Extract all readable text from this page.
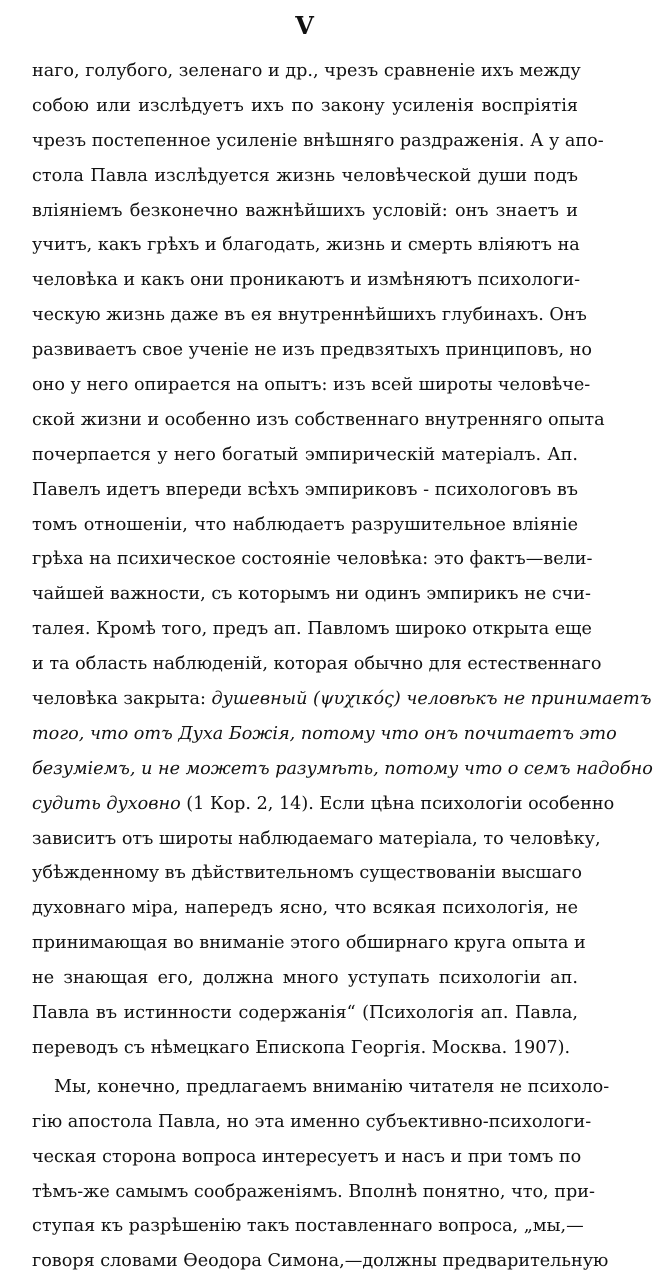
V
наго, голубого, зеленаго и др., чрезъ сравненіе ихъ между
собою или изслѣдуетъ ихъ по закону усиленія воспріятія
чрезъ постепенное усиленіе внѣшняго раздраженія. А у апо-
стола Павла изслѣдуется жизнь человѣческой души подъ
вліяніемъ безконечно важнѣйшихъ условій: онъ знаетъ и
учитъ, какъ грѣхъ и благодать, жизнь и смерть вліяютъ на
человѣка и какъ они проникаютъ и измѣняютъ психологи-
ческую жизнь даже въ ея внутреннѣйшихъ глубинахъ. Онъ
развиваетъ свое ученіе не изъ предвзятыхъ принциповъ, но
оно у него опирается на опытъ: изъ всей широты человѣче-
ской жизни и особенно изъ собственнаго внутренняго опыта
почерпается у него богатый эмпирическій матеріалъ. Ап.
Павелъ идетъ впереди всѣхъ эмпириковъ - психологовъ въ
томъ отношеніи, что наблюдаетъ разрушительное вліяніе
грѣха на психическое состояніе человѣка: это фактъ—вели-
чайшей важности, съ которымъ ни одинъ эмпирикъ не счи-
талея. Кромѣ того, предъ ап. Павломъ широко открыта еще
и та область наблюденій, которая обычно для естественнаго
человѣка закрыта: душевный (ψυχικός) человѣкъ не принимаетъ
того, что отъ Духа Божія, потому что онъ почитаетъ это
безуміемъ, и не можетъ разумѣть, потому что о семъ надобно
судить духовно (1 Кор. 2, 14). Если цѣна психологіи особенно
зависитъ отъ широты наблюдаемаго матеріала, то человѣку,
убѣжденному въ дѣйствительномъ существованіи высшаго
духовнаго міра, напередъ ясно, что всякая психологія, не
принимающая во вниманіе этого обширнаго круга опыта и
не знающая его, должна много уступать психологіи ап.
Павла въ истинности содержанія“ (Психологія ап. Павла,
переводъ съ нѣмецкаго Епископа Георгія. Москва. 1907).
Мы, конечно, предлагаемъ вниманію читателя не психоло-
гію апостола Павла, но эта именно субъективно-психологи-
ческая сторона вопроса интересуетъ и насъ и при томъ по
тѣмъ-же самымъ соображеніямъ. Вполнѣ понятно, что, при-
ступая къ разрѣшенію такъ поставленнаго вопроса, „мы,—
говоря словами Ѳеодора Симона,—должны предварительную
